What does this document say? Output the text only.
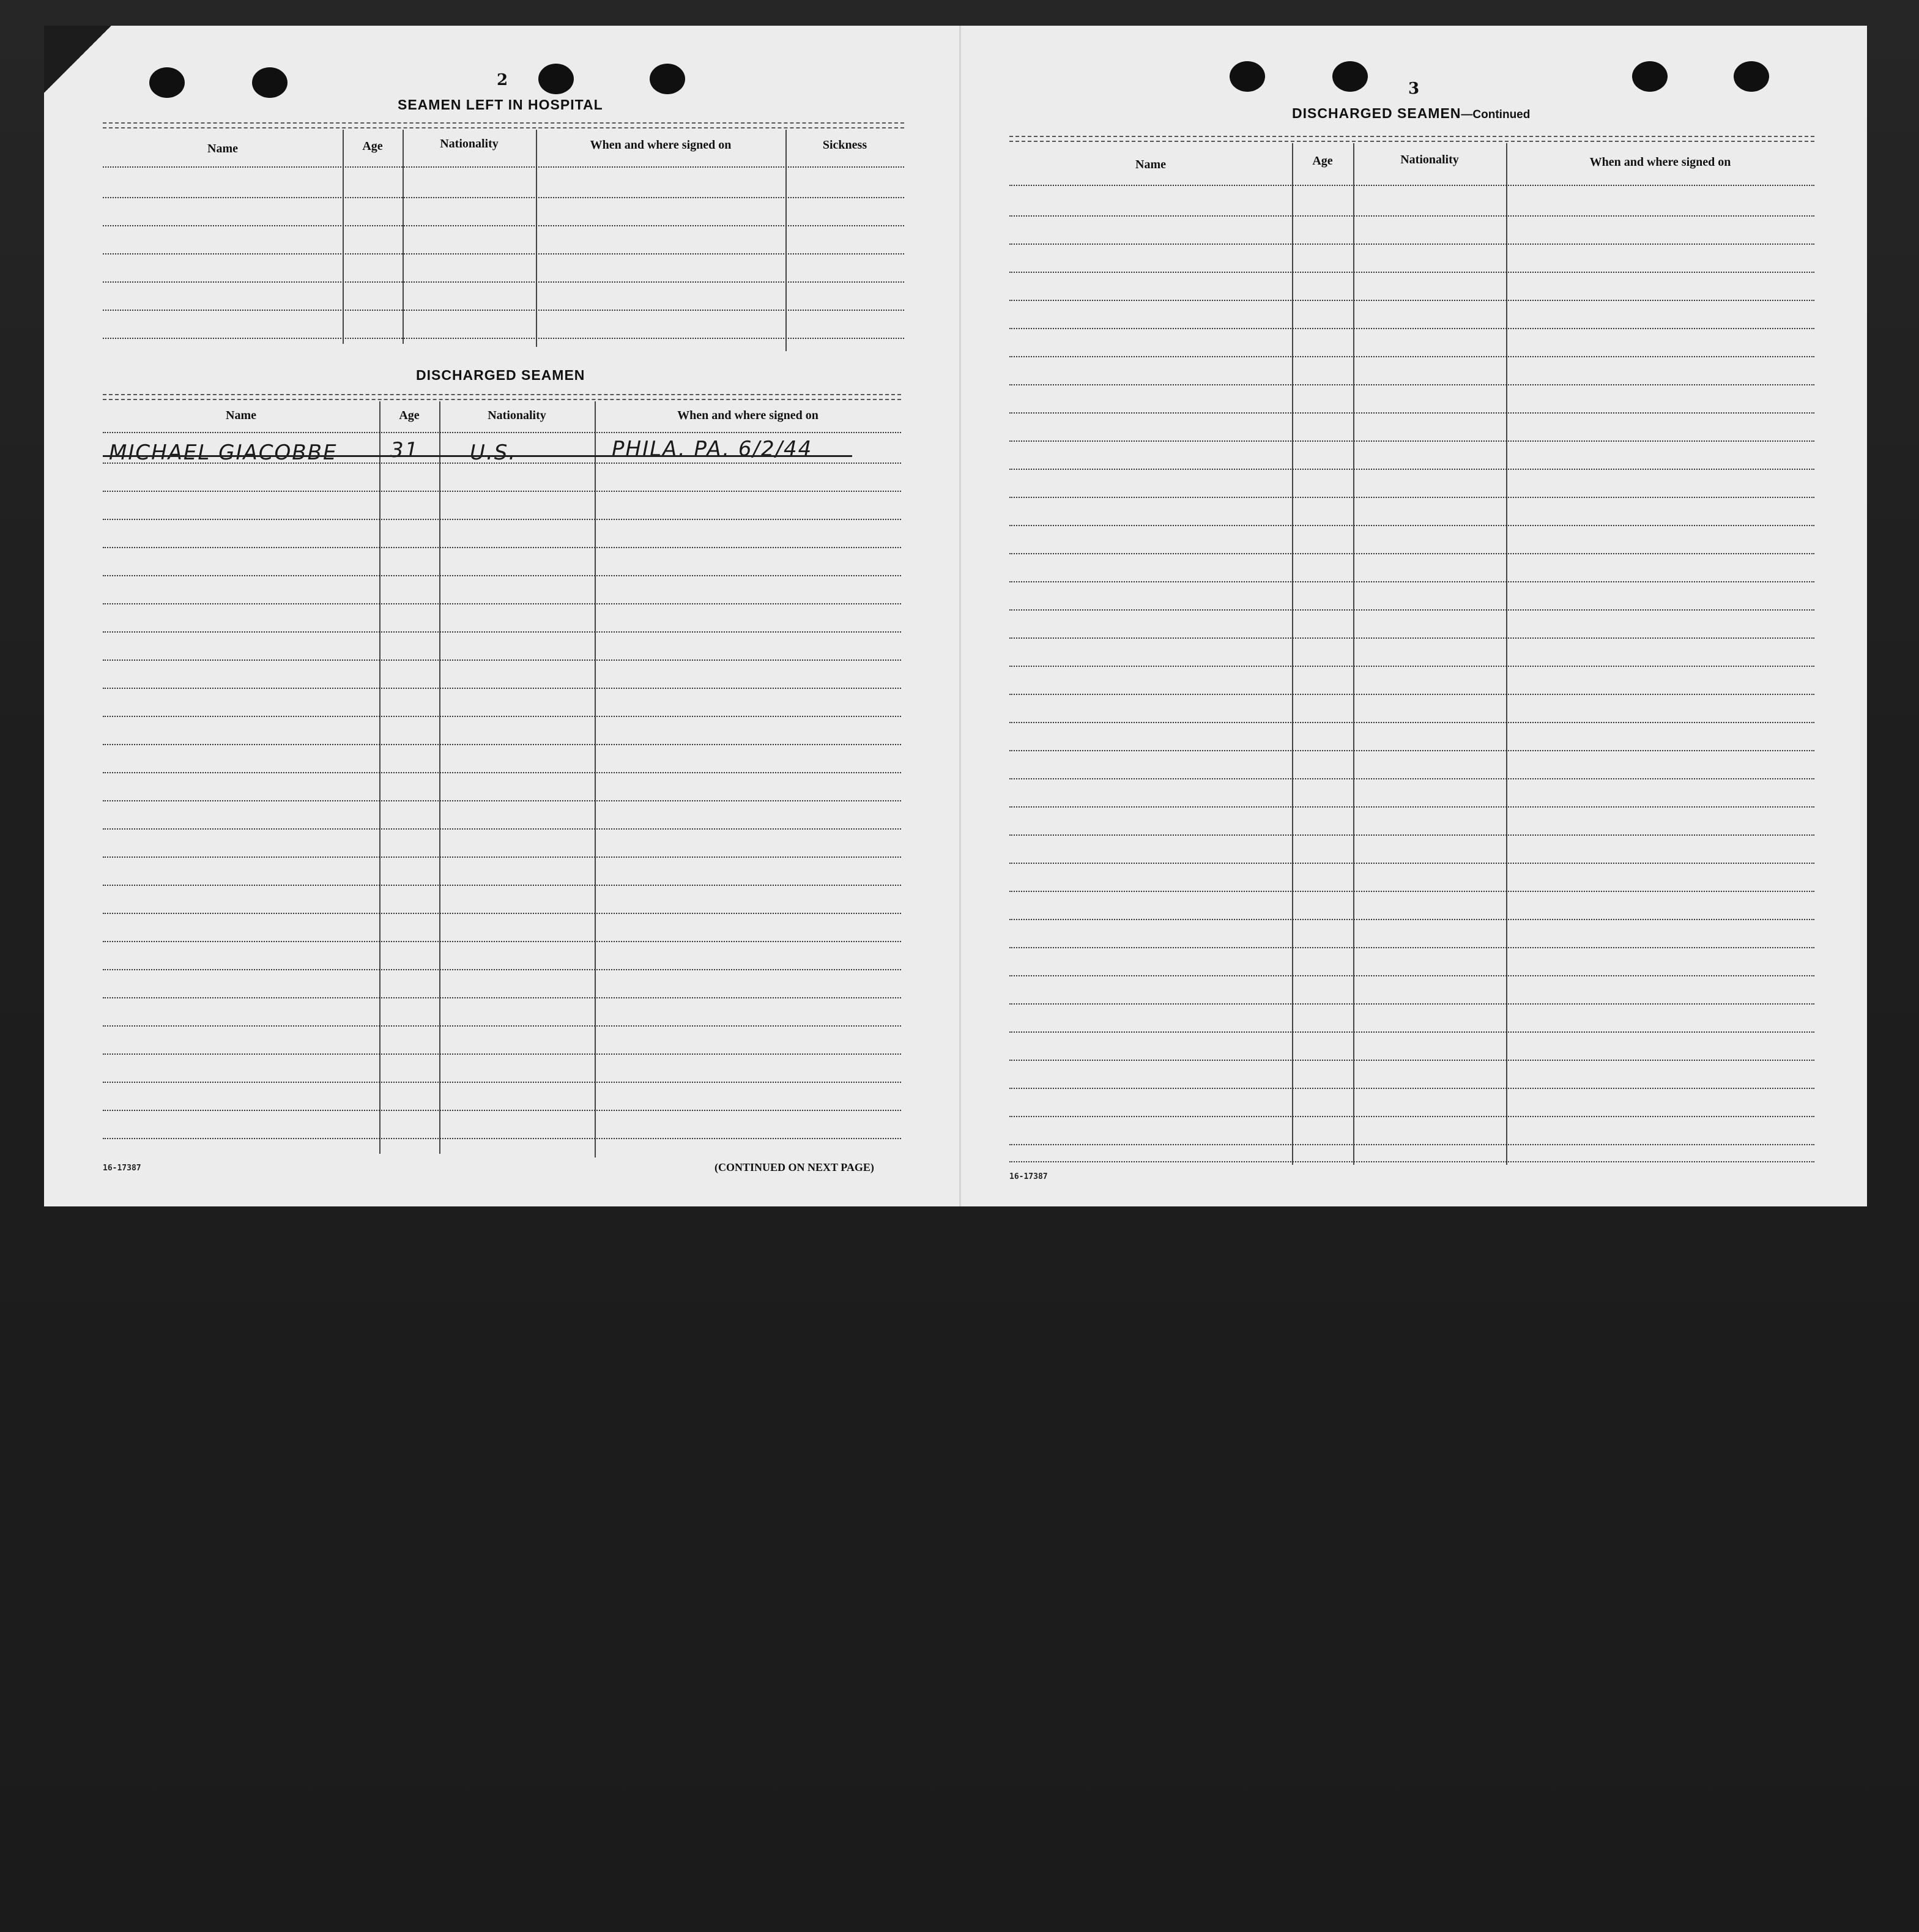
2
SEAMEN LEFT IN HOSPITAL
Name	Age	Nationality	When and where signed on	Sickness
DISCHARGED SEAMEN
Name	Age	Nationality	When and where signed on
MICHAEL GIACOBBE	31 U.S.	PHILA. PA. 6/2/44
16-17387	(CONTINUED ON NEXT PAGE)
3
DISCHARGED SEAMEN—Continued
Name	Age	Nationality	When and where signed on
16-17387
